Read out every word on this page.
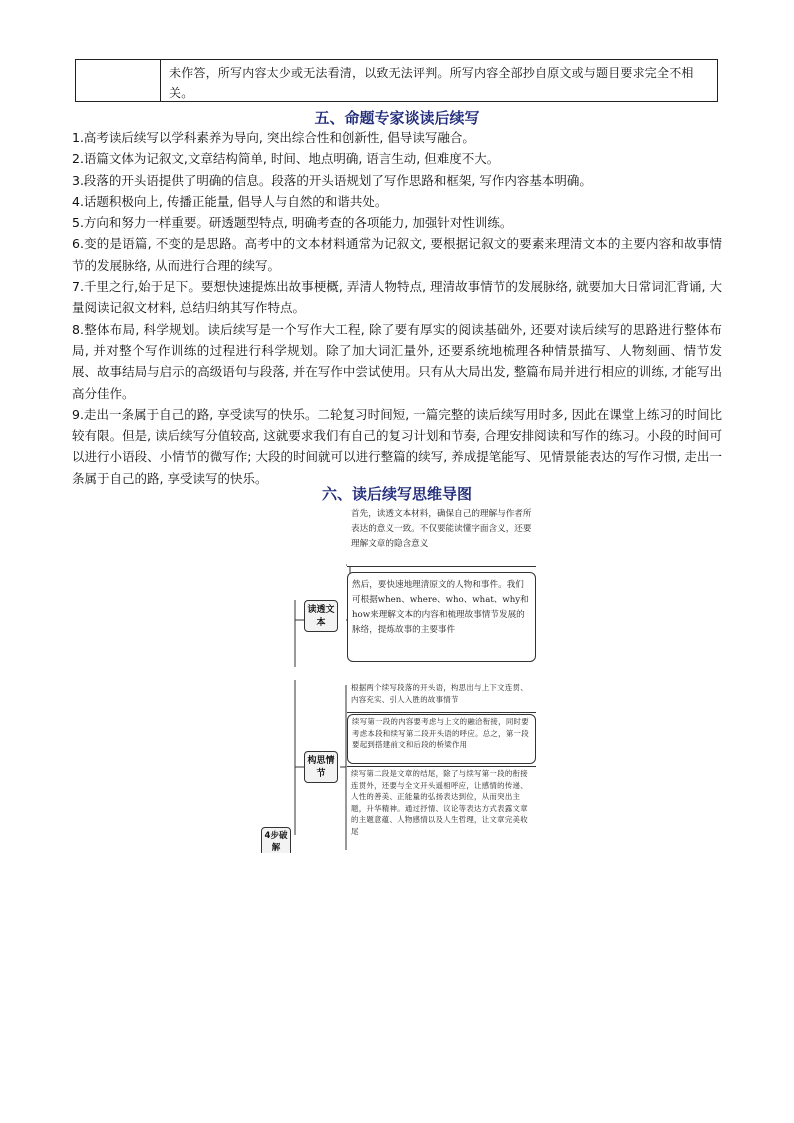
未作答，所写内容太少或无法看清，以致无法评判。所写内容全部抄自原文或与题目要求完全不相关。
五、命题专家谈读后续写

1.高考读后续写以学科素养为导向, 突出综合性和创新性, 倡导读写融合。

2.语篇文体为记叙文,文章结构简单, 时间、地点明确, 语言生动, 但难度不大。

3.段落的开头语提供了明确的信息。段落的开头语规划了写作思路和框架, 写作内容基本明确。

4.话题积极向上, 传播正能量, 倡导人与自然的和谐共处。

5.方向和努力一样重要。研透题型特点, 明确考查的各项能力, 加强针对性训练。

6.变的是语篇, 不变的是思路。高考中的文本材料通常为记叙文, 要根据记叙文的要素来理清文本的主要内容和故事情节的发展脉络, 从而进行合理的续写。

7.千里之行,始于足下。要想快速提炼出故事梗概, 弄清人物特点, 理清故事情节的发展脉络, 就要加大日常词汇背诵, 大量阅读记叙文材料, 总结归纳其写作特点。

8.整体布局, 科学规划。读后续写是一个写作大工程, 除了要有厚实的阅读基础外, 还要对读后续写的思路进行整体布局, 并对整个写作训练的过程进行科学规划。除了加大词汇量外, 还要系统地梳理各种情景描写、人物刻画、情节发展、故事结局与启示的高级语句与段落, 并在写作中尝试使用。只有从大局出发, 整篇布局并进行相应的训练, 才能写出高分佳作。

9.走出一条属于自己的路, 享受读写的快乐。二轮复习时间短, 一篇完整的读后续写用时多, 因此在课堂上练习的时间比较有限。但是, 读后续写分值较高, 这就要求我们有自己的复习计划和节奏, 合理安排阅读和写作的练习。小段的时间可以进行小语段、小情节的微写作; 大段的时间就可以进行整篇的续写, 养成提笔能写、见情景能表达的写作习惯, 走出一条属于自己的路, 享受读写的快乐。

六、读后续写思维导图
读透文本
首先，读透文本材料，确保自己的理解与作者所表达的意义一致。不仅要能读懂字面含义，还要理解文章的隐含意义
然后，要快速地理清原文的人物和事件。我们可根据when、where、who、what、why和how来理解文本的内容和梳理故事情节发展的脉络，提炼故事的主要事件
构思情节
根据两个续写段落的开头语，构思出与上下文连贯、内容充实、引人入胜的故事情节
续写第一段的内容要考虑与上文的融洽衔接，同时要考虑本段和续写第二段开头语的呼应。总之，第一段要起到搭建前文和后段的桥梁作用
续写第二段是文章的结尾，除了与续写第一段的衔接连贯外，还要与全文开头遥相呼应，让感情的传递、人性的善美、正能量的弘扬表达到位，从而突出主题，升华精神。通过抒情、议论等表达方式表露文章的主题意蕴、人物感情以及人生哲理，让文章完美收尾
4步破解
